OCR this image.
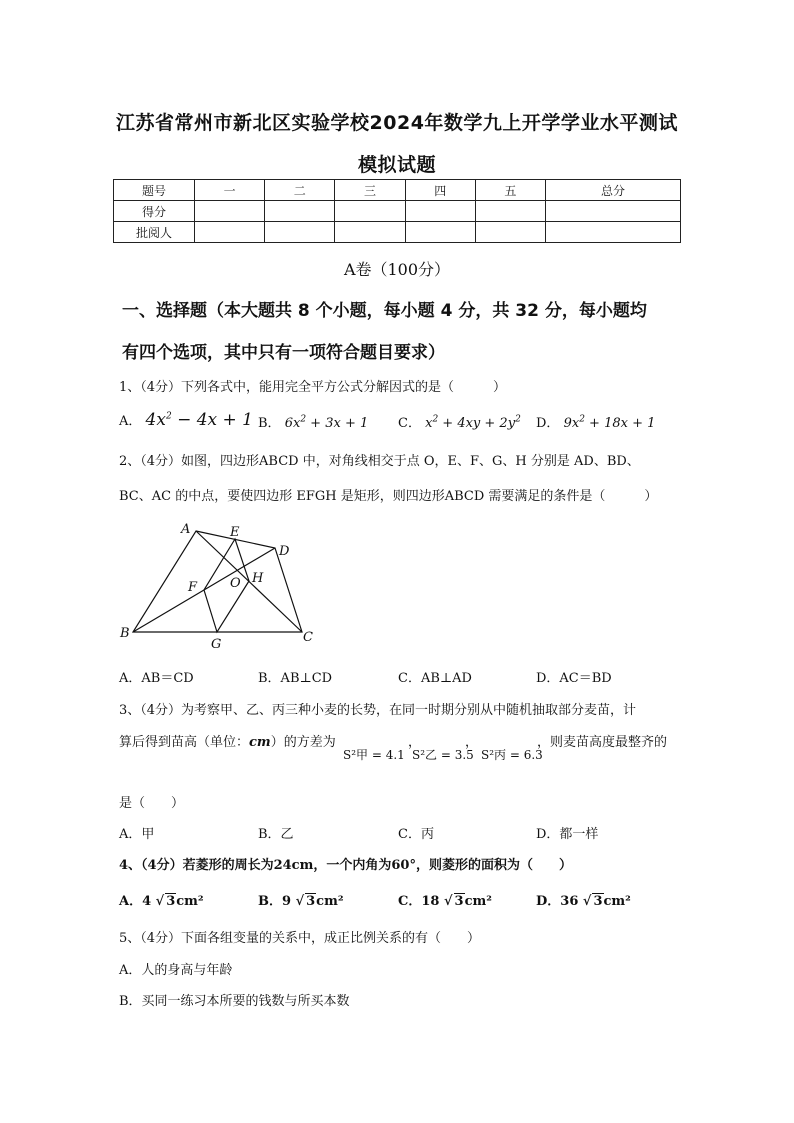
江苏省常州市新北区实验学校2024年数学九上开学学业水平测试
模拟试题
题号	一	二	三	四	五	总分
得分						
批阅人						
A卷（100分）
一、选择题（本大题共 8 个小题，每小题 4 分，共 32 分，每小题均
有四个选项，其中只有一项符合题目要求）
1、（4分）下列各式中，能用完全平方公式分解因式的是（　　　）
A． $4x^2 - 4x + 1$ B． $6x^2 + 3x + 1$ C． $x^2 + 4xy + 2y^2$ D． $9x^2 + 18x + 1$
2、（4分）如图，四边形ABCD 中，对角线相交于点 O，E、F、G、H 分别是 AD、BD、
BC、AC 的中点，要使四边形 EFGH 是矩形，则四边形ABCD 需要满足的条件是（　　　）
A	E
D
F	O H
B
G	C
A．AB＝CD	B．AB⊥CD	C．AB⊥AD	D．AC＝BD
3、（4分）为考察甲、乙、丙三种小麦的长势，在同一时期分别从中随机抽取部分麦苗，计
算后得到苗高（单位：cm）的方差为	，	，	，则麦苗高度最整齐的
S²甲 = 4.1 S²乙 = 3.5 S²丙 = 6.3
是（　　）
A．甲	B．乙	C．丙	D．都一样
4、（4分）若菱形的周长为24cm，一个内角为60°，则菱形的面积为（　　）
A．4 √ 3cm²	B．9 √ 3cm²	C．18 √ 3cm²	D．36 √ 3cm²
5、（4分）下面各组变量的关系中，成正比例关系的有（　　）
A．人的身高与年龄
B．买同一练习本所要的钱数与所买本数
